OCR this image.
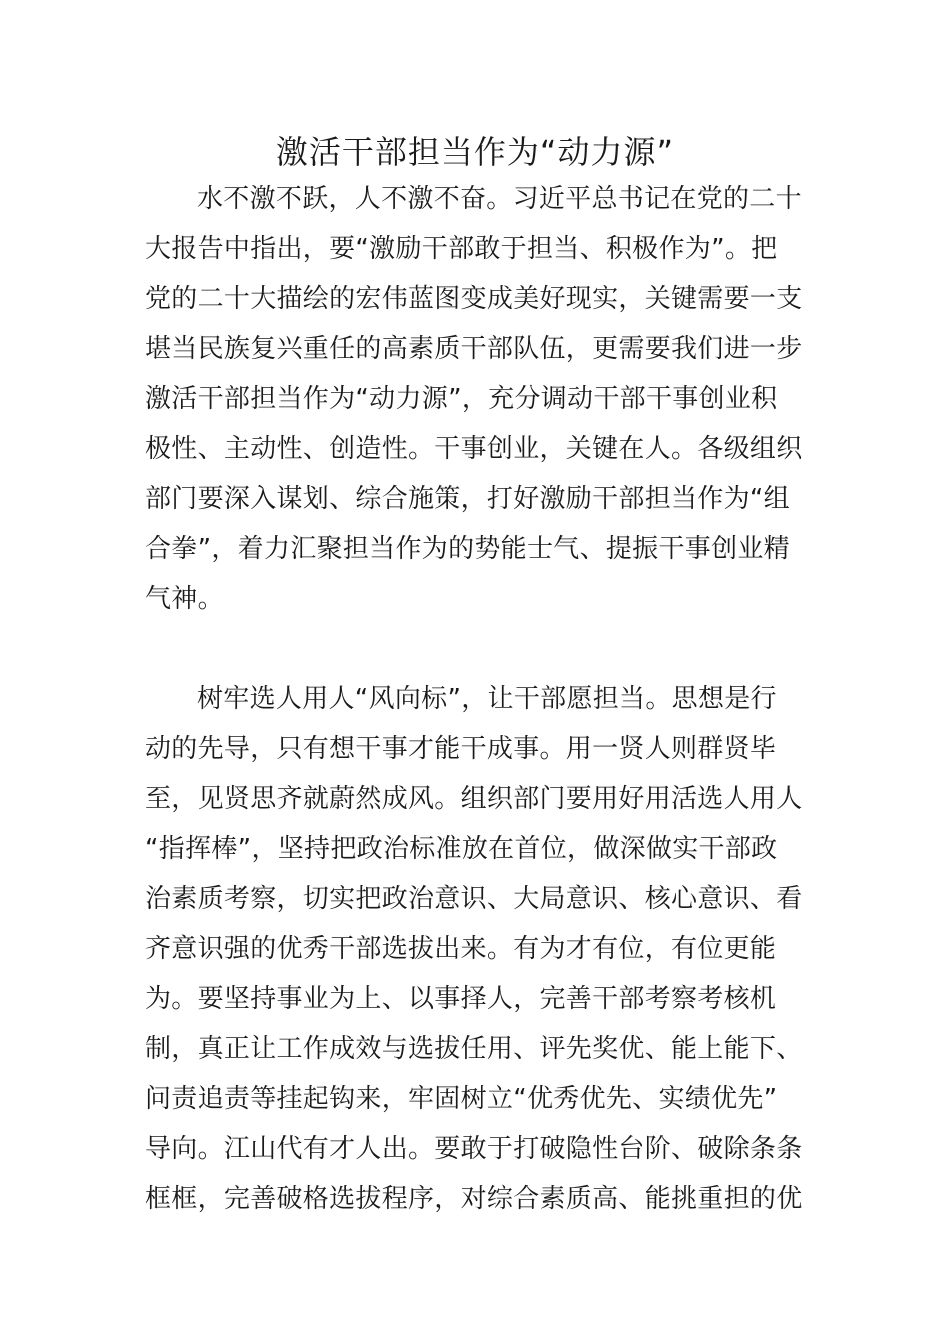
激活干部担当作为“动力源”

水不激不跃，人不激不奋。习近平总书记在党的二十

大报告中指出，要“激励干部敢于担当、积极作为”。把

党的二十大描绘的宏伟蓝图变成美好现实，关键需要一支

堪当民族复兴重任的高素质干部队伍，更需要我们进一步

激活干部担当作为“动力源”，充分调动干部干事创业积

极性、主动性、创造性。干事创业，关键在人。各级组织

部门要深入谋划、综合施策，打好激励干部担当作为“组

合拳”，着力汇聚担当作为的势能士气、提振干事创业精

气神。

树牢选人用人“风向标”，让干部愿担当。思想是行

动的先导，只有想干事才能干成事。用一贤人则群贤毕

至，见贤思齐就蔚然成风。组织部门要用好用活选人用人

“指挥棒”，坚持把政治标准放在首位，做深做实干部政

治素质考察，切实把政治意识、大局意识、核心意识、看

齐意识强的优秀干部选拔出来。有为才有位，有位更能

为。要坚持事业为上、以事择人，完善干部考察考核机

制，真正让工作成效与选拔任用、评先奖优、能上能下、

问责追责等挂起钩来，牢固树立“优秀优先、实绩优先”

导向。江山代有才人出。要敢于打破隐性台阶、破除条条

框框，完善破格选拔程序，对综合素质高、能挑重担的优
